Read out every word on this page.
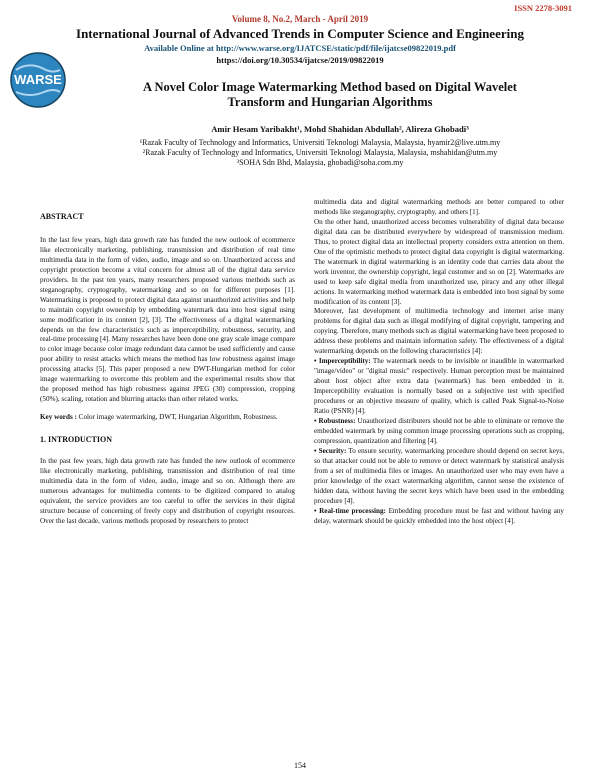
ISSN 2278-3091
Volume 8, No.2, March - April 2019
International Journal of Advanced Trends in Computer Science and Engineering
Available Online at http://www.warse.org/IJATCSE/static/pdf/file/ijatcse09822019.pdf
https://doi.org/10.30534/ijatcse/2019/09822019
WARSE	A Novel Color Image Watermarking Method based on Digital Wavelet
Transform and Hungarian Algorithms
Amir Hesam Yaribakht¹, Mohd Shahidan Abdullah², Alireza Ghobadi³
¹Razak Faculty of Technology and Informatics, Universiti Teknologi Malaysia, Malaysia, hyamir2@live.utm.my
²Razak Faculty of Technology and Informatics, Universiti Teknologi Malaysia, Malaysia, mshahidan@utm.my
³SOHA Sdn Bhd, Malaysia, ghobadi@soha.com.my

ABSTRACT

In the last few years, high data growth rate has funded the new outlook of ecommerce like electronically marketing, publishing, transmission and distribution of real time multimedia data in the form of video, audio, image and so on. Unauthorized access and copyright protection become a vital concern for almost all of the digital data service providers. In the past ten years, many researchers proposed various methods such as steganography, cryptography, watermarking and so on for different purposes [1]. Watermarking is proposed to protect digital data against unauthorized activities and help to maintain copyright ownership by embedding watermark data into host signal using some modification in its content [2], [3]. The effectiveness of a digital watermarking depends on the few characteristics such as imperceptibility, robustness, security, and real-time processing [4]. Many researches have been done one gray scale image compare to color image because color image redundant data cannot be used sufficiently and cause poor ability to resist attacks which means the method has low robustness against image processing attacks [5]. This paper proposed a new DWT-Hungarian method for color image watermarking to overcome this problem and the experimental results show that the proposed method has high robustness against JPEG (30) compression, cropping (50%), scaling, rotation and blurring attacks than other related works.

Key words : Color image watermarking, DWT, Hungarian Algorithm, Robustness.

1. INTRODUCTION

In the past few years, high data growth rate has funded the new outlook of ecommerce like electronically marketing, publishing, transmission and distribution of real time multimedia data in the form of video, audio, image and so on. Although there are numerous advantages for multimedia contents to be digitized compared to analog equivalent, the service providers are too careful to offer the services in their digital structure because of concerning of freely copy and distribution of copyright resources. Over the last decade, various methods proposed by researchers to protect

multimedia data and digital watermarking methods are better compared to other methods like steganography, cryptography, and others [1].

On the other hand, unauthorized access becomes vulnerability of digital data because digital data can be distributed everywhere by widespread of transmission medium. Thus, to protect digital data an intellectual property considers extra attention on them. One of the optimistic methods to protect digital data copyright is digital watermarking. The watermark in digital watermarking is an identity code that carries data about the work inventor, the ownership copyright, legal customer and so on [2]. Watermarks are used to keep safe digital media from unauthorized use, piracy and any other illegal actions. In watermarking method watermark data is embedded into host signal by some modification of its content [3].

Moreover, fast development of multimedia technology and internet arise many problems for digital data such as illegal modifying of digital copyright, tampering and copying. Therefore, many methods such as digital watermarking have been proposed to address these problems and maintain information safety. The effectiveness of a digital watermarking depends on the following characteristics [4]:

• Imperceptibility: The watermark needs to be invisible or inaudible in watermarked "image/video" or "digital music" respectively. Human perception must be maintained about host object after extra data (watermark) has been embedded in it. Imperceptibility evaluation is normally based on a subjective test with specified procedures or an objective measure of quality, which is called Peak Signal-to-Noise Ratio (PSNR) [4].

• Robustness: Unauthorized distributers should not be able to eliminate or remove the embedded watermark by using common image processing operations such as cropping, compression, quantization and filtering [4].

• Security: To ensure security, watermarking procedure should depend on secret keys, so that attacker could not be able to remove or detect watermark by statistical analysis from a set of multimedia files or images. An unauthorized user who may even have a prior knowledge of the exact watermarking algorithm, cannot sense the existence of hidden data, without having the secret keys which have been used in the embedding procedure [4].

• Real-time processing: Embedding procedure must be fast and without having any delay, watermark should be quickly embedded into the host object [4].

154
